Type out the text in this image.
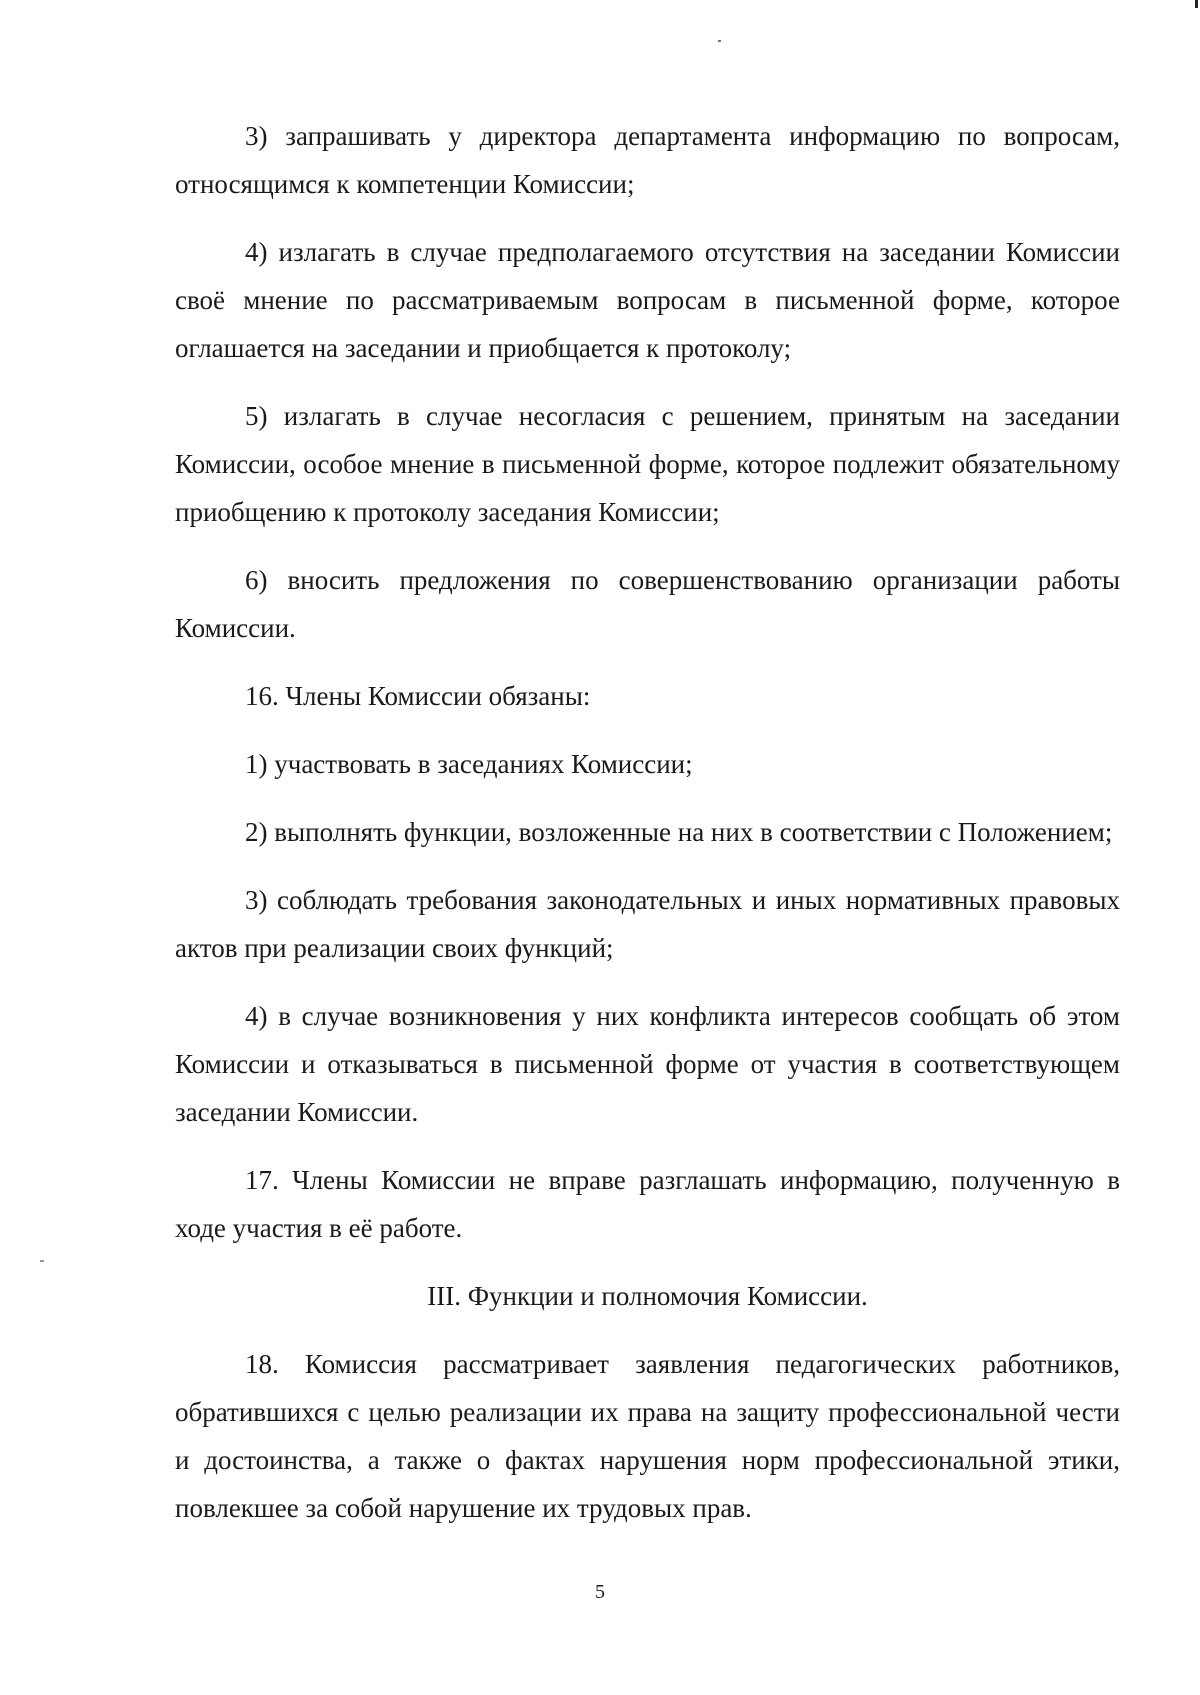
3) запрашивать у директора департамента информацию по вопросам, относящимся к компетенции Комиссии;

4) излагать в случае предполагаемого отсутствия на заседании Комиссии своё мнение по рассматриваемым вопросам в письменной форме, которое оглашается на заседании и приобщается к протоколу;

5) излагать в случае несогласия с решением, принятым на заседании Комиссии, особое мнение в письменной форме, которое подлежит обязательному приобщению к протоколу заседания Комиссии;

6) вносить предложения по совершенствованию организации работы Комиссии.

16. Члены Комиссии обязаны:

1) участвовать в заседаниях Комиссии;

2) выполнять функции, возложенные на них в соответствии с Положением;

3) соблюдать требования законодательных и иных нормативных правовых актов при реализации своих функций;

4) в случае возникновения у них конфликта интересов сообщать об этом Комиссии и отказываться в письменной форме от участия в соответствующем заседании Комиссии.

17. Члены Комиссии не вправе разглашать информацию, полученную в ходе участия в её работе.

III. Функции и полномочия Комиссии.

18. Комиссия рассматривает заявления педагогических работников, обратившихся с целью реализации их права на защиту профессиональной чести и достоинства, а также о фактах нарушения норм профессиональной этики, повлекшее за собой нарушение их трудовых прав.

5
